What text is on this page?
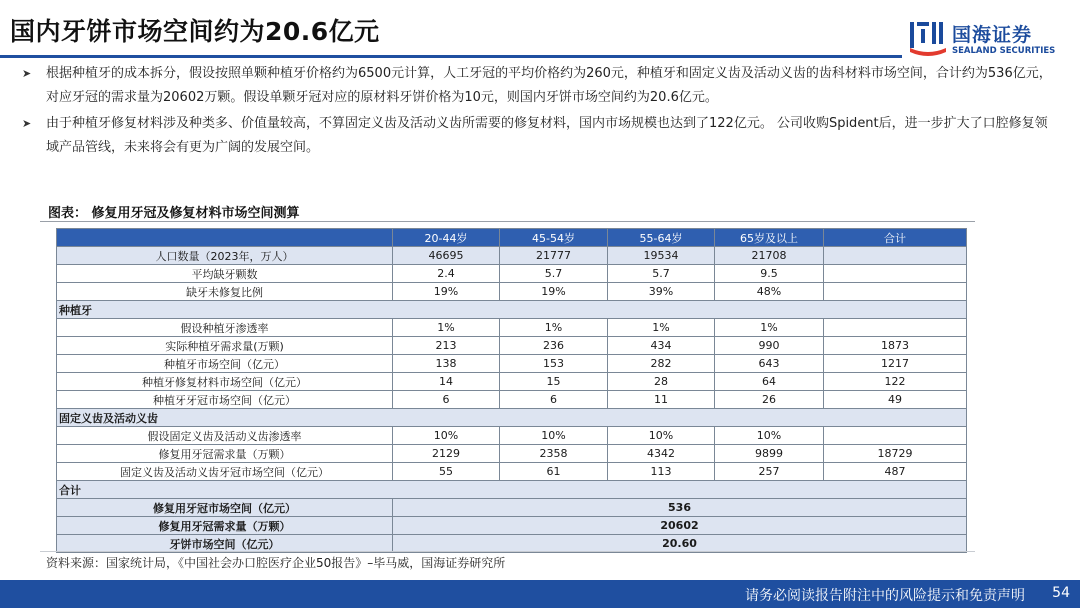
国内牙饼市场空间约为20.6亿元	国海证券
SEALAND SECURITIES
➤ 根据种植牙的成本拆分，假设按照单颗种植牙价格约为6500元计算，人工牙冠的平均价格约为260元，种植牙和固定义齿及活动义齿的齿科材料市场空间，合计约为536亿元，对应牙冠的需求量为20602万颗。假设单颗牙冠对应的原材料牙饼价格为10元，则国内牙饼市场空间约为20.6亿元。
➤ 由于种植牙修复材料涉及种类多、价值量较高，不算固定义齿及活动义齿所需要的修复材料，国内市场规模也达到了122亿元。 公司收购Spident后，进一步扩大了口腔修复领域产品管线，未来将会有更为广阔的发展空间。
图表： 修复用牙冠及修复材料市场空间测算
	20-44岁	45-54岁	55-64岁	65岁及以上	合计
人口数量（2023年，万人）	46695	21777	19534	21708	
平均缺牙颗数	2.4	5.7	5.7	9.5	
缺牙未修复比例	19%	19%	39%	48%	
种植牙					
假设种植牙渗透率	1%	1%	1%	1%	
实际种植牙需求量(万颗)	213	236	434	990	1873
种植牙市场空间（亿元）	138	153	282	643	1217
种植牙修复材料市场空间（亿元）	14	15	28	64	122
种植牙牙冠市场空间（亿元）	6	6	11	26	49
固定义齿及活动义齿					
假设固定义齿及活动义齿渗透率	10%	10%	10%	10%	
修复用牙冠需求量（万颗）	2129	2358	4342	9899	18729
固定义齿及活动义齿牙冠市场空间（亿元）	55	61	113	257	487
合计					
修复用牙冠市场空间（亿元）	536				
修复用牙冠需求量（万颗）	20602				
牙饼市场空间（亿元）	20.60				
资料来源：国家统计局，《中国社会办口腔医疗企业50报告》–毕马威，国海证券研究所
请务必阅读报告附注中的风险提示和免责声明 54
